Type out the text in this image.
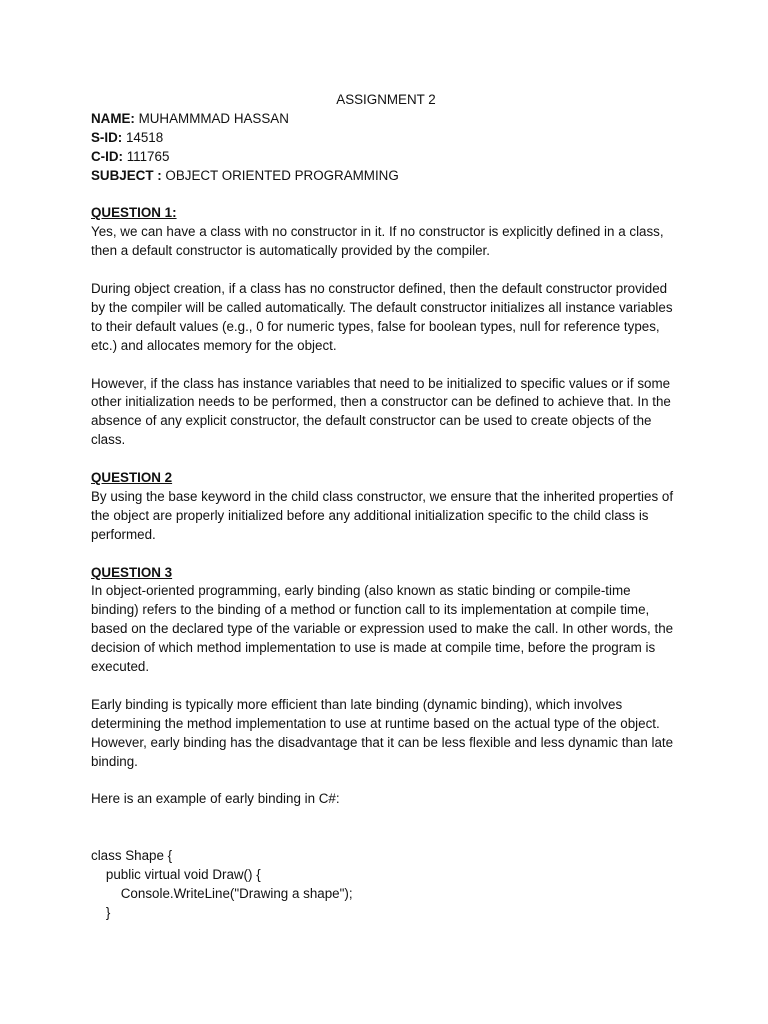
ASSIGNMENT 2

NAME: MUHAMMMAD HASSAN

S-ID: 14518

C-ID: 111765

SUBJECT : OBJECT ORIENTED PROGRAMMING

QUESTION 1:

Yes, we can have a class with no constructor in it. If no constructor is explicitly defined in a class, then a default constructor is automatically provided by the compiler.

During object creation, if a class has no constructor defined, then the default constructor provided by the compiler will be called automatically. The default constructor initializes all instance variables to their default values (e.g., 0 for numeric types, false for boolean types, null for reference types, etc.) and allocates memory for the object.

However, if the class has instance variables that need to be initialized to specific values or if some other initialization needs to be performed, then a constructor can be defined to achieve that. In the absence of any explicit constructor, the default constructor can be used to create objects of the class.

QUESTION 2

By using the base keyword in the child class constructor, we ensure that the inherited properties of the object are properly initialized before any additional initialization specific to the child class is performed.

QUESTION 3

In object-oriented programming, early binding (also known as static binding or compile-time binding) refers to the binding of a method or function call to its implementation at compile time, based on the declared type of the variable or expression used to make the call. In other words, the decision of which method implementation to use is made at compile time, before the program is executed.

Early binding is typically more efficient than late binding (dynamic binding), which involves determining the method implementation to use at runtime based on the actual type of the object. However, early binding has the disadvantage that it can be less flexible and less dynamic than late binding.

Here is an example of early binding in C#:

class Shape {

public virtual void Draw() {

Console.WriteLine("Drawing a shape");

}
